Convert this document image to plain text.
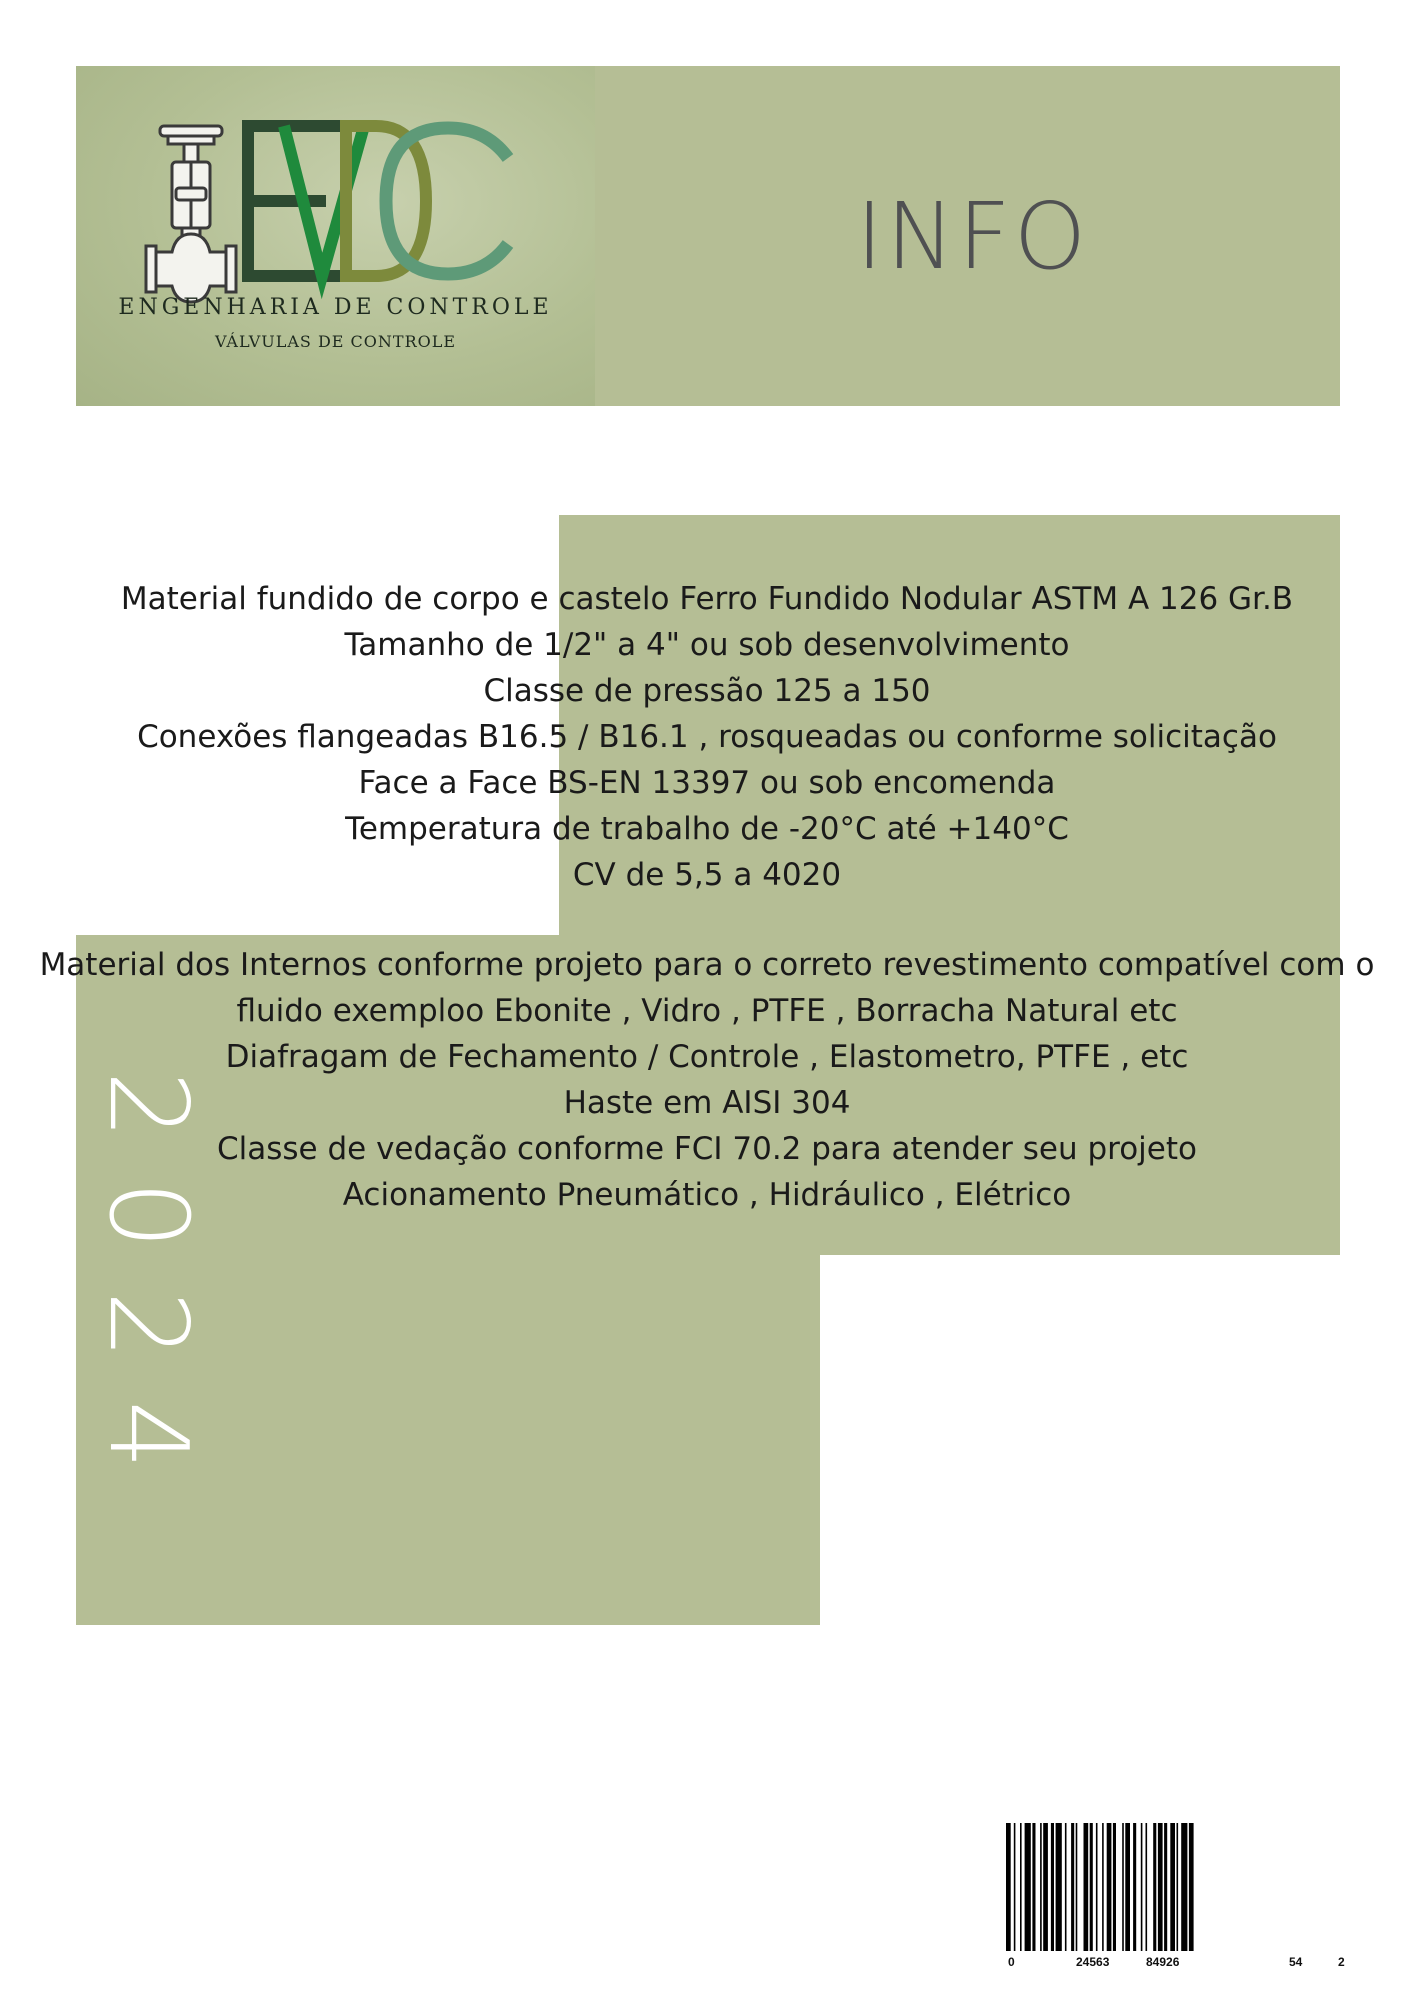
ENGENHARIA DE CONTROLE
VÁLVULAS DE CONTROLE
INFO
2
0
2
4
Material fundido de corpo e castelo Ferro Fundido Nodular ASTM A 126 Gr.B
Tamanho de 1/2" a 4" ou sob desenvolvimento
Classe de pressão 125 a 150
Conexões flangeadas B16.5 / B16.1 , rosqueadas ou conforme solicitação
Face a Face BS-EN 13397 ou sob encomenda
Temperatura de trabalho de -20°C até +140°C
CV de 5,5 a 4020
Material dos Internos conforme projeto para o correto revestimento compatível com o
fluido exemploo Ebonite , Vidro , PTFE , Borracha Natural etc
Diafragam de Fechamento / Controle , Elastometro, PTFE , etc
Haste em AISI 304
Classe de vedação conforme FCI 70.2 para atender seu projeto
Acionamento Pneumático , Hidráulico , Elétrico
0	24563	84926	54	2
